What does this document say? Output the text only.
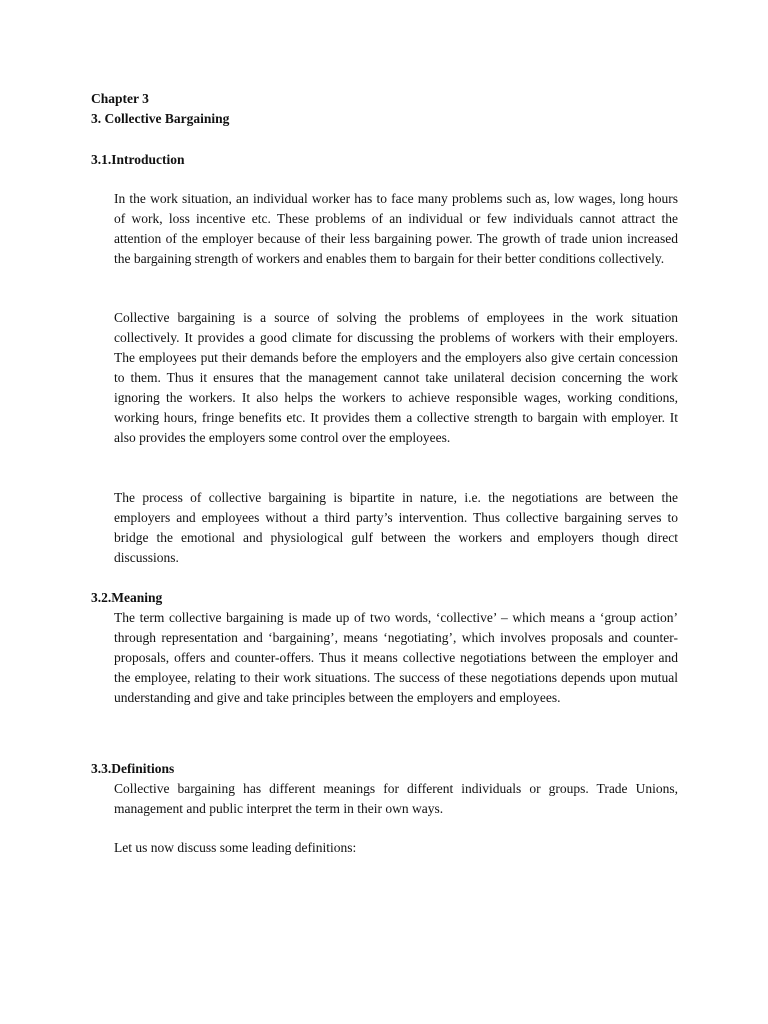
Chapter 3

3. Collective Bargaining

3.1.Introduction

In the work situation, an individual worker has to face many problems such as, low wages, long hours of work, loss incentive etc. These problems of an individual or few individuals cannot attract the attention of the employer because of their less bargaining power. The growth of trade union increased the bargaining strength of workers and enables them to bargain for their better conditions collectively.

Collective bargaining is a source of solving the problems of employees in the work situation collectively. It provides a good climate for discussing the problems of workers with their employers. The employees put their demands before the employers and the employers also give certain concession to them. Thus it ensures that the management cannot take unilateral decision concerning the work ignoring the workers. It also helps the workers to achieve responsible wages, working conditions, working hours, fringe benefits etc. It provides them a collective strength to bargain with employer. It also provides the employers some control over the employees.

The process of collective bargaining is bipartite in nature, i.e. the negotiations are between the employers and employees without a third party’s intervention. Thus collective bargaining serves to bridge the emotional and physiological gulf between the workers and employers though direct discussions.

3.2.Meaning

The term collective bargaining is made up of two words, ‘collective’ – which means a ‘group action’ through representation and ‘bargaining’, means ‘negotiating’, which involves proposals and counter-proposals, offers and counter-offers. Thus it means collective negotiations between the employer and the employee, relating to their work situations. The success of these negotiations depends upon mutual understanding and give and take principles between the employers and employees.

3.3.Definitions

Collective bargaining has different meanings for different individuals or groups. Trade Unions, management and public interpret the term in their own ways.

Let us now discuss some leading definitions:
